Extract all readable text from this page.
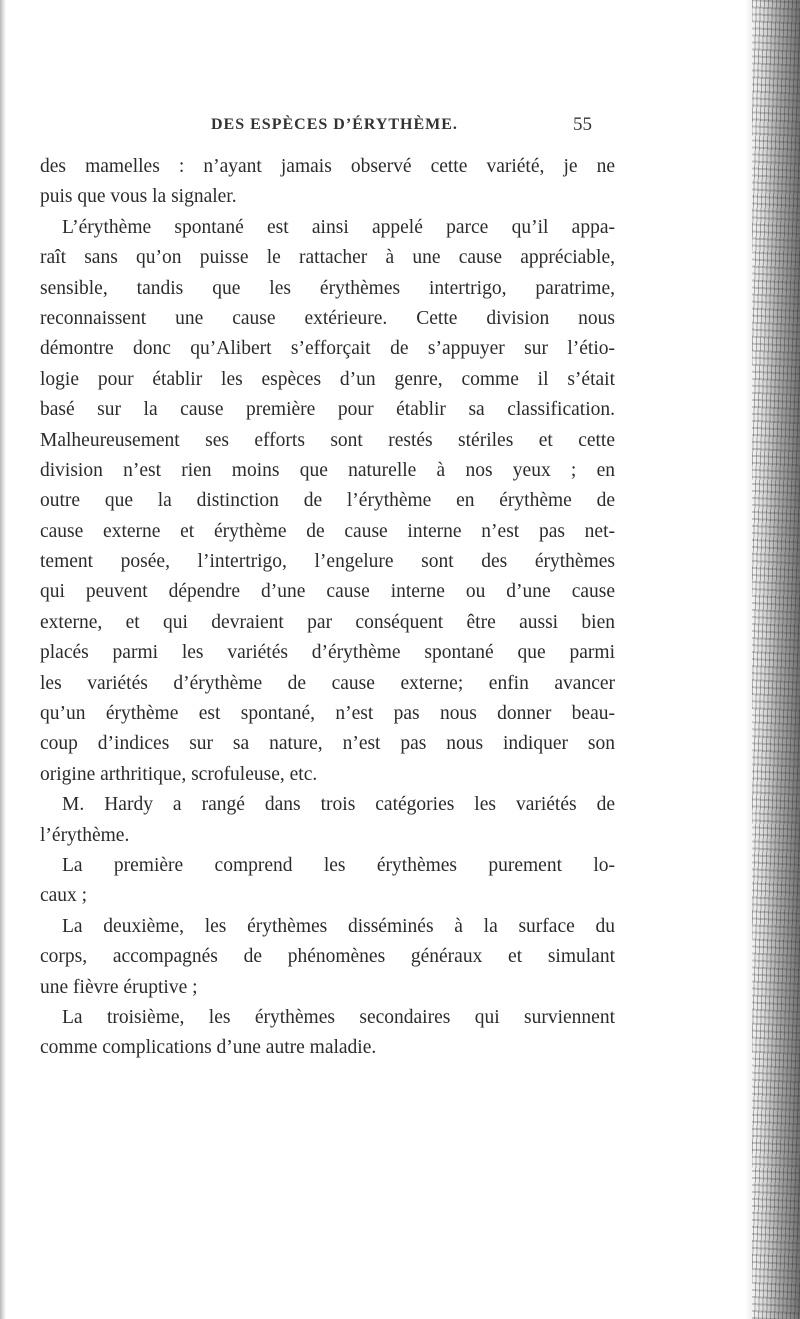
DES ESPÈCES D’ÉRYTHÈME.	55
des mamelles : n’ayant jamais observé cette variété, je ne
puis que vous la signaler.
L’érythème spontané est ainsi appelé parce qu’il appa-
raît sans qu’on puisse le rattacher à une cause appréciable,
sensible, tandis que les érythèmes intertrigo, paratrime,
reconnaissent une cause extérieure. Cette division nous
démontre donc qu’Alibert s’efforçait de s’appuyer sur l’étio-
logie pour établir les espèces d’un genre, comme il s’était
basé sur la cause première pour établir sa classification.
Malheureusement ses efforts sont restés stériles et cette
division n’est rien moins que naturelle à nos yeux ; en
outre que la distinction de l’érythème en érythème de
cause externe et érythème de cause interne n’est pas net-
tement posée, l’intertrigo, l’engelure sont des érythèmes
qui peuvent dépendre d’une cause interne ou d’une cause
externe, et qui devraient par conséquent être aussi bien
placés parmi les variétés d’érythème spontané que parmi
les variétés d’érythème de cause externe; enfin avancer
qu’un érythème est spontané, n’est pas nous donner beau-
coup d’indices sur sa nature, n’est pas nous indiquer son
origine arthritique, scrofuleuse, etc.
M. Hardy a rangé dans trois catégories les variétés de
l’érythème.
La première comprend les érythèmes purement lo-
caux ;
La deuxième, les érythèmes disséminés à la surface du
corps, accompagnés de phénomènes généraux et simulant
une fièvre éruptive ;
La troisième, les érythèmes secondaires qui surviennent
comme complications d’une autre maladie.
